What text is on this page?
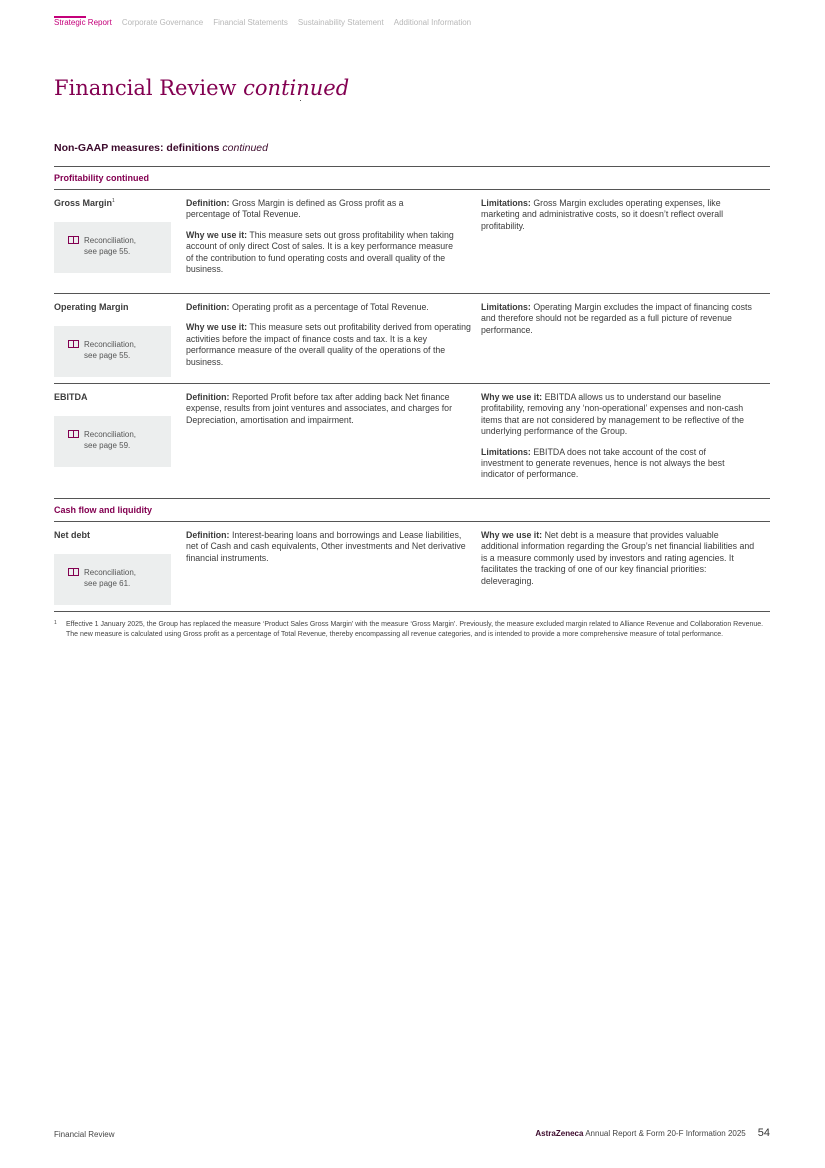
Strategic Report Corporate Governance Financial Statements Sustainability Statement Additional Information
Financial Review continued
Non-GAAP measures: definitions continued
Profitability continued
Gross Margin$^1$
Reconciliation,
see page 55.

Definition: Gross Margin is defined as Gross profit as a percentage of Total Revenue.

Why we use it: This measure sets out gross profitability when taking account of only direct Cost of sales. It is a key performance measure of the contribution to fund operating costs and overall quality of the business.

Limitations: Gross Margin excludes operating expenses, like marketing and administrative costs, so it doesn’t reflect overall profitability.

Operating Margin
Reconciliation,
see page 55.

Definition: Operating profit as a percentage of Total Revenue.

Why we use it: This measure sets out profitability derived from operating activities before the impact of finance costs and tax. It is a key performance measure of the overall quality of the operations of the business.

Limitations: Operating Margin excludes the impact of financing costs and therefore should not be regarded as a full picture of revenue performance.

EBITDA
Reconciliation,
see page 59.

Definition: Reported Profit before tax after adding back Net finance expense, results from joint ventures and associates, and charges for Depreciation, amortisation and impairment.

Why we use it: EBITDA allows us to understand our baseline profitability, removing any ‘non-operational’ expenses and non-cash items that are not considered by management to be reflective of the underlying performance of the Group.

Limitations: EBITDA does not take account of the cost of investment to generate revenues, hence is not always the best indicator of performance.

Cash flow and liquidity
Net debt
Reconciliation,
see page 61.

Definition: Interest-bearing loans and borrowings and Lease liabilities, net of Cash and cash equivalents, Other investments and Net derivative financial instruments.

Why we use it: Net debt is a measure that provides valuable additional information regarding the Group’s net financial liabilities and is a measure commonly used by investors and rating agencies. It facilitates the tracking of one of our key financial priorities: deleveraging.

1	Effective 1 January 2025, the Group has replaced the measure ‘Product Sales Gross Margin’ with the measure ‘Gross Margin’. Previously, the measure excluded margin related to Alliance Revenue and Collaboration Revenue. The new measure is calculated using Gross profit as a percentage of Total Revenue, thereby encompassing all revenue categories, and is intended to provide a more comprehensive measure of total performance.
Financial Review	AstraZeneca Annual Report & Form 20-F Information 2025 54
